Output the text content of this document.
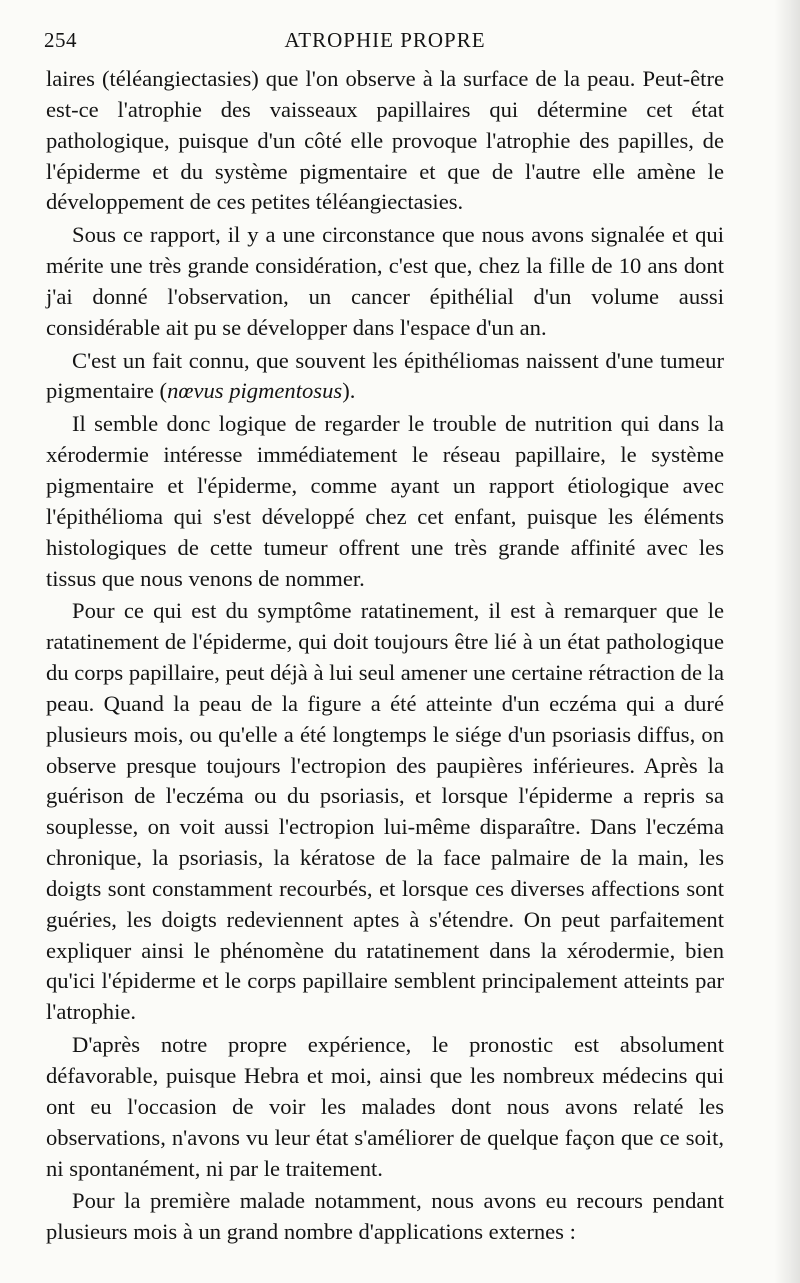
254	ATROPHIE PROPRE

laires (téléangiectasies) que l'on observe à la surface de la peau. Peut-être est-ce l'atrophie des vaisseaux papillaires qui détermine cet état pathologique, puisque d'un côté elle provoque l'atrophie des papilles, de l'épiderme et du système pigmentaire et que de l'autre elle amène le développement de ces petites téléangiectasies.

Sous ce rapport, il y a une circonstance que nous avons signalée et qui mérite une très grande considération, c'est que, chez la fille de 10 ans dont j'ai donné l'observation, un cancer épithélial d'un volume aussi considérable ait pu se développer dans l'espace d'un an.

C'est un fait connu, que souvent les épithéliomas naissent d'une tumeur pigmentaire (nœvus pigmentosus).

Il semble donc logique de regarder le trouble de nutrition qui dans la xérodermie intéresse immédiatement le réseau papillaire, le système pigmentaire et l'épiderme, comme ayant un rapport étiologique avec l'épithélioma qui s'est développé chez cet enfant, puisque les éléments histologiques de cette tumeur offrent une très grande affinité avec les tissus que nous venons de nommer.

Pour ce qui est du symptôme ratatinement, il est à remarquer que le ratatinement de l'épiderme, qui doit toujours être lié à un état pathologique du corps papillaire, peut déjà à lui seul amener une certaine rétraction de la peau. Quand la peau de la figure a été atteinte d'un eczéma qui a duré plusieurs mois, ou qu'elle a été longtemps le siége d'un psoriasis diffus, on observe presque toujours l'ectropion des paupières inférieures. Après la guérison de l'eczéma ou du psoriasis, et lorsque l'épiderme a repris sa souplesse, on voit aussi l'ectropion lui-même disparaître. Dans l'eczéma chronique, la psoriasis, la kératose de la face palmaire de la main, les doigts sont constamment recourbés, et lorsque ces diverses affections sont guéries, les doigts redeviennent aptes à s'étendre. On peut parfaitement expliquer ainsi le phénomène du ratatinement dans la xérodermie, bien qu'ici l'épiderme et le corps papillaire semblent principalement atteints par l'atrophie.

D'après notre propre expérience, le pronostic est absolument défavorable, puisque Hebra et moi, ainsi que les nombreux médecins qui ont eu l'occasion de voir les malades dont nous avons relaté les observations, n'avons vu leur état s'améliorer de quelque façon que ce soit, ni spontanément, ni par le traitement.

Pour la première malade notamment, nous avons eu recours pendant plusieurs mois à un grand nombre d'applications externes :
